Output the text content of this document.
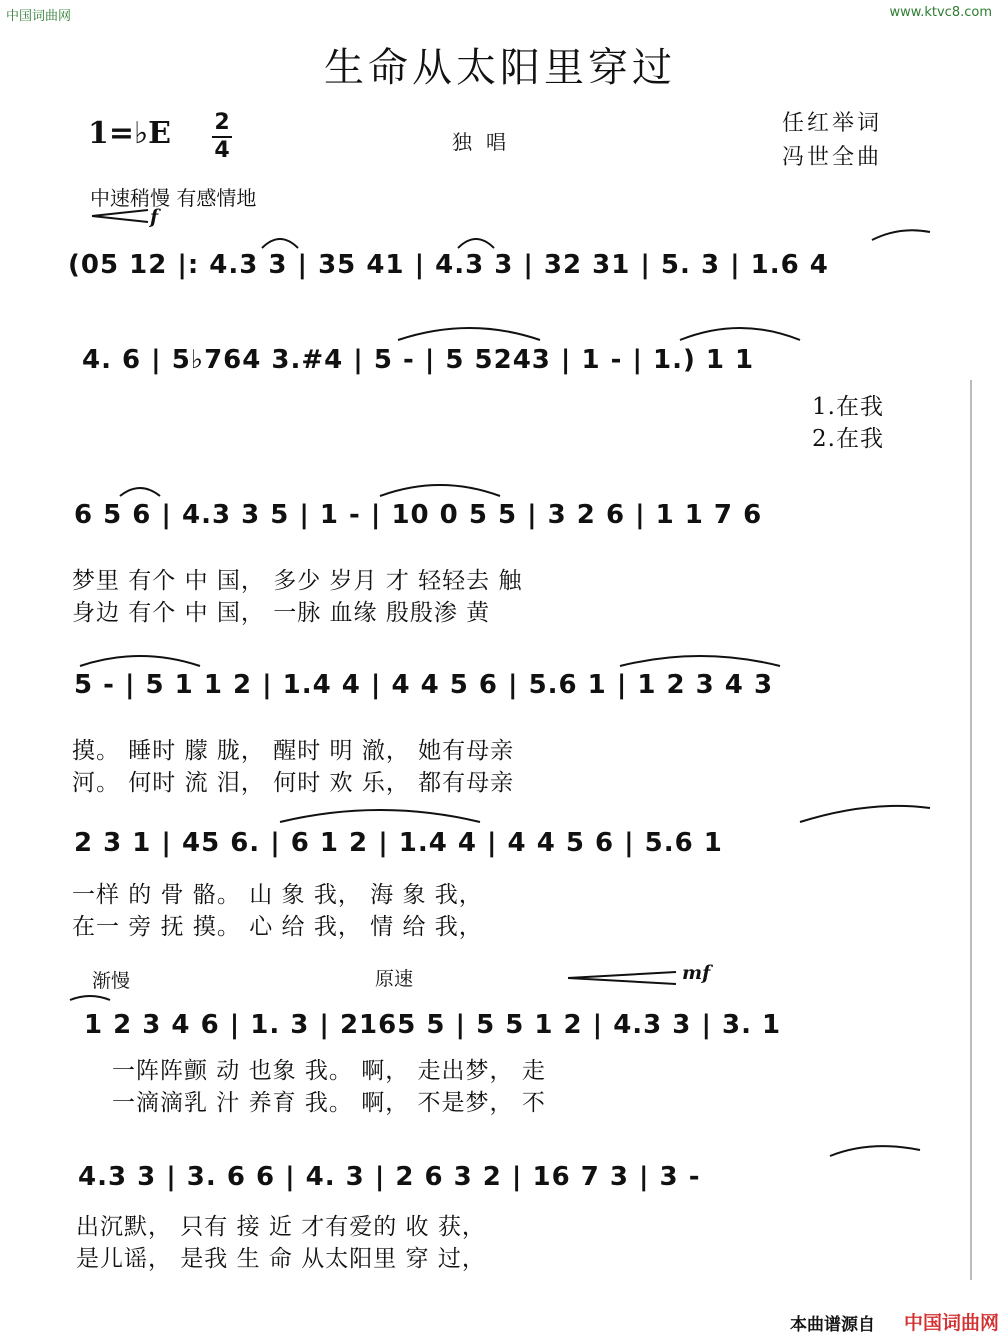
中国词曲网	www.ktvc8.com
生命从太阳里穿过
1=♭E 2
4	独唱
任红举词
冯世全曲
中速稍慢 有感情地
f
(05 12 |: 4.3 3 | 35 41 | 4.3 3 | 32 31 | 5. 3 | 1.6 4
4. 6 | 5♭764 3.#4 | 5 - | 5 5243 | 1 - | 1.) 1 1
1.在我
2.在我
6 5 6 | 4.3 3 5 | 1 - | 10 0 5 5 | 3 2 6 | 1 1 7 6
梦里 有个 中 国， 多少 岁月 才 轻轻去 触
身边 有个 中 国， 一脉 血缘 殷殷渗 黄
5 - | 5 1 1 2 | 1.4 4 | 4 4 5 6 | 5.6 1 | 1 2 3 4 3
摸。 睡时 朦 胧， 醒时 明 澈， 她有母亲
河。 何时 流 泪， 何时 欢 乐， 都有母亲
2 3 1 | 45 6. | 6 1 2 | 1.4 4 | 4 4 5 6 | 5.6 1
一样 的 骨 骼。 山 象 我， 海 象 我，
在一 旁 抚 摸。 心 给 我， 情 给 我，
渐慢	原速	mf
1 2 3 4 6 | 1. 3 | 2165 5 | 5 5 1 2 | 4.3 3 | 3. 1
一阵阵颤 动 也象 我。 啊， 走出梦， 走
一滴滴乳 汁 养育 我。 啊， 不是梦， 不
4.3 3 | 3. 6 6 | 4. 3 | 2 6 3 2 | 16 7 3 | 3 -
出沉默， 只有 接 近 才有爱的 收 获，
是儿谣， 是我 生 命 从太阳里 穿 过，
本曲谱源自 中国词曲网
